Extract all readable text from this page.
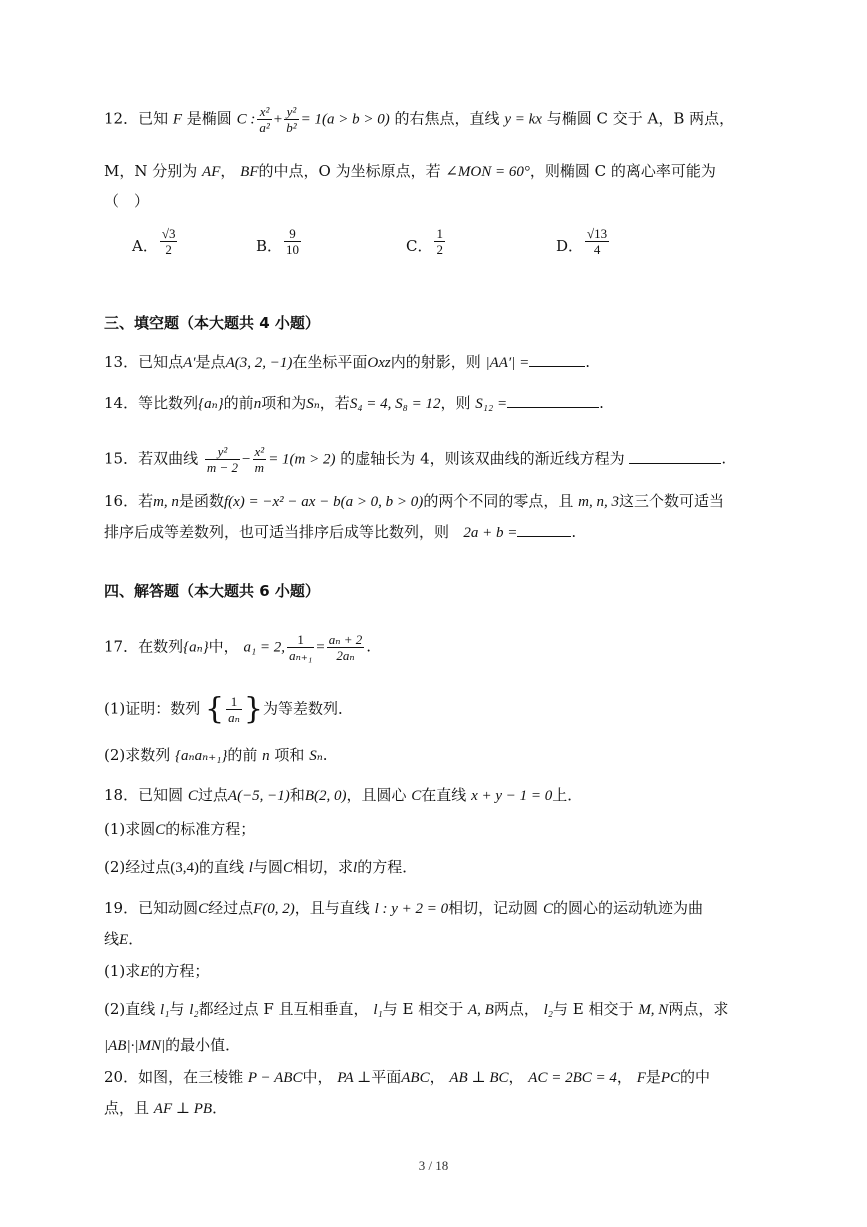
12．已知 F 是椭圆 C : $\frac{\text{x²}}{\text{a²}} + \frac{\text{y²}}{\text{b²}} = 1(a > b > 0)$ 的右焦点，直线 y = kx 与椭圆 C 交于 A，B 两点，
M，N 分别为 AF， BF的中点，O 为坐标原点，若 ∠MON = 60°，则椭圆 C 的离心率可能为
（　）
A． $\frac{√3}{2}$	B． $\frac{9}{10}$	C． $\frac{1}{2}$	D． $\frac{√13}{4}$
三、填空题（本大题共 4 小题）
13．已知点A′是点A(3, 2, −1)在坐标平面Oxz内的射影，则 |AA′| =	.
14．等比数列{aₙ}的前n项和为Sₙ，若S₄ = 4, S₈ = 12，则 S₁₂ =	.
15．若双曲线 $\frac{\text{y²}}{m - 2} - \frac{\text{x²}}{m} = 1(m > 2)$ 的虚轴长为 4，则该双曲线的渐近线方程为	.
16．若m, n是函数f(x) = −x² − ax − b(a > 0, b > 0)的两个不同的零点，且 m, n, 3这三个数可适当
排序后成等差数列，也可适当排序后成等比数列，则 2a + b =	.
四、解答题（本大题共 6 小题）
17．在数列{aₙ}中， a₁ = 2, $\frac{1}{\text{aₙ₊₁}} = \frac{\text{aₙ + 2}}{\text{2aₙ}}$ .
(1)证明：数列 { $\frac{1}{\text{aₙ}}$ }为等差数列．
(2)求数列 {aₙaₙ₊₁}的前 n 项和 Sₙ.
18．已知圆 C过点A(−5, −1)和B(2, 0)，且圆心 C在直线 x + y − 1 = 0上．
(1)求圆C的标准方程；
(2)经过点(3,4)的直线 l与圆C相切，求l的方程．
19．已知动圆C经过点F(0, 2)，且与直线 l : y + 2 = 0相切，记动圆 C的圆心的运动轨迹为曲
线E．
(1)求E的方程；
(2)直线 l₁与 l₂都经过点 F 且互相垂直， l₁与 E 相交于 A, B两点， l₂与 E 相交于 M, N两点，求
|AB|·|MN|的最小值．
20．如图，在三棱锥 P − ABC中， PA ⊥平面ABC， AB ⊥ BC， AC = 2BC = 4， F是PC的中
点，且 AF ⊥ PB．
3 / 18
